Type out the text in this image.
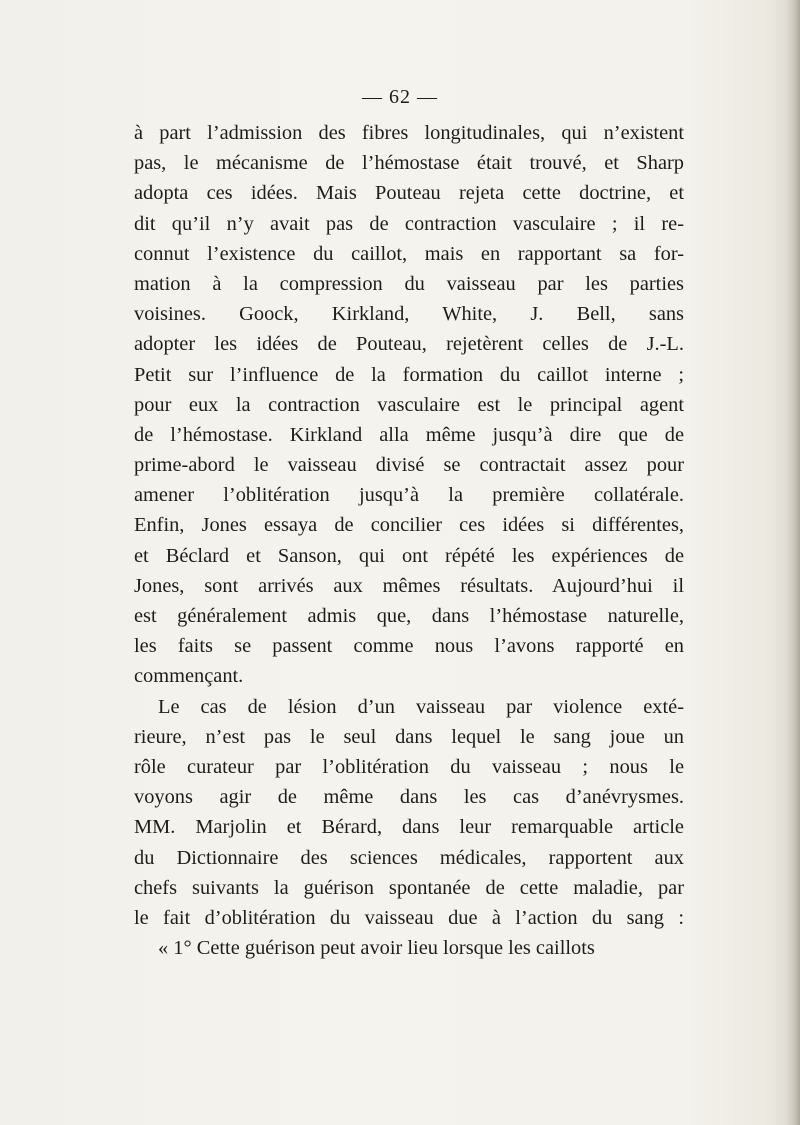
— 62 —
à part l’admission des fibres longitudinales, qui n’existent
pas, le mécanisme de l’hémostase était trouvé, et Sharp
adopta ces idées. Mais Pouteau rejeta cette doctrine, et
dit qu’il n’y avait pas de contraction vasculaire ; il re-
connut l’existence du caillot, mais en rapportant sa for-
mation à la compression du vaisseau par les parties
voisines. Goock, Kirkland, White, J. Bell, sans
adopter les idées de Pouteau, rejetèrent celles de J.-L.
Petit sur l’influence de la formation du caillot interne ;
pour eux la contraction vasculaire est le principal agent
de l’hémostase. Kirkland alla même jusqu’à dire que de
prime-abord le vaisseau divisé se contractait assez pour
amener l’oblitération jusqu’à la première collatérale.
Enfin, Jones essaya de concilier ces idées si différentes,
et Béclard et Sanson, qui ont répété les expériences de
Jones, sont arrivés aux mêmes résultats. Aujourd’hui il
est généralement admis que, dans l’hémostase naturelle,
les faits se passent comme nous l’avons rapporté en
commençant.
Le cas de lésion d’un vaisseau par violence exté-
rieure, n’est pas le seul dans lequel le sang joue un
rôle curateur par l’oblitération du vaisseau ; nous le
voyons agir de même dans les cas d’anévrysmes.
MM. Marjolin et Bérard, dans leur remarquable article
du Dictionnaire des sciences médicales, rapportent aux
chefs suivants la guérison spontanée de cette maladie, par
le fait d’oblitération du vaisseau due à l’action du sang :
« 1° Cette guérison peut avoir lieu lorsque les caillots
